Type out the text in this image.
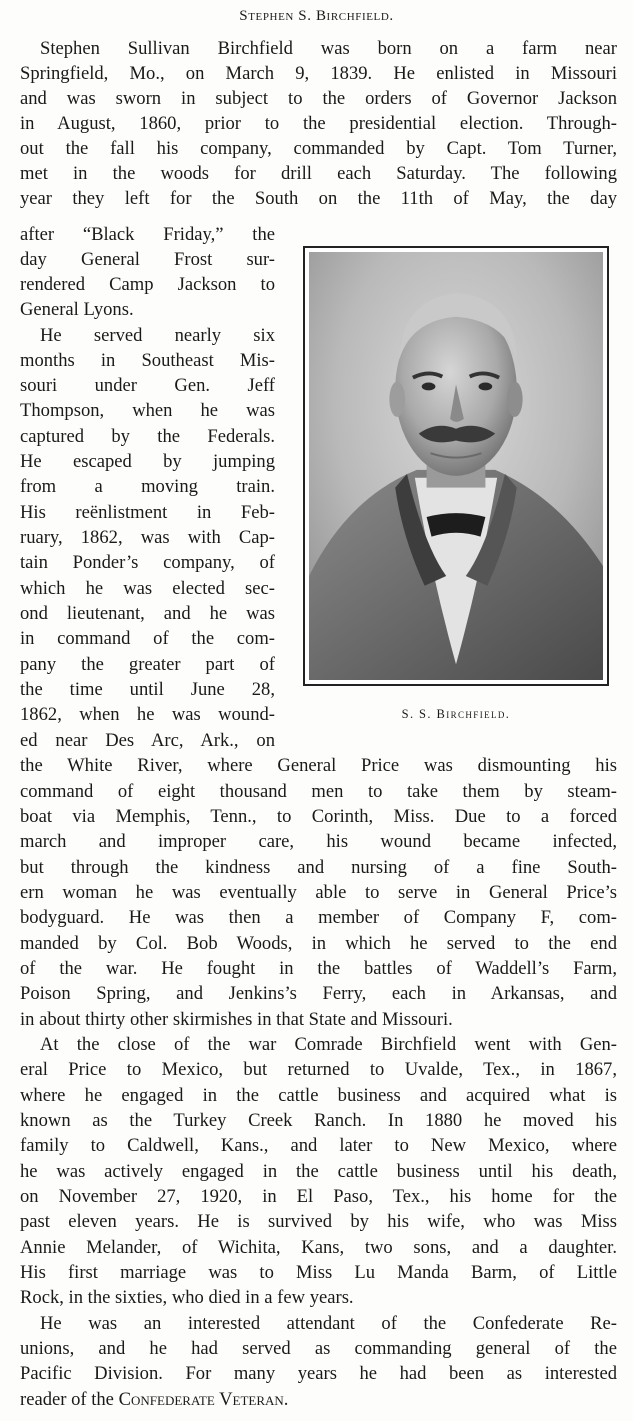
Stephen S. Birchfield.
Stephen Sullivan Birchfield was born on a farm near
Springfield, Mo., on March 9, 1839. He enlisted in Missouri
and was sworn in subject to the orders of Governor Jackson
in August, 1860, prior to the presidential election. Through-
out the fall his company, commanded by Capt. Tom Turner,
met in the woods for drill each Saturday. The following
year they left for the South on the 11th of May, the day
after “Black Friday,” the
day General Frost sur-
rendered Camp Jackson to
General Lyons.
He served nearly six
months in Southeast Mis-
souri under Gen. Jeff
Thompson, when he was
captured by the Federals.
He escaped by jumping
from a moving train.
His reënlistment in Feb-
ruary, 1862, was with Cap-
tain Ponder’s company, of
which he was elected sec-
ond lieutenant, and he was
in command of the com-
pany the greater part of
the time until June 28,
1862, when he was wound-
ed near Des Arc, Ark., on
S. S. Birchfield.
the White River, where General Price was dismounting his
command of eight thousand men to take them by steam-
boat via Memphis, Tenn., to Corinth, Miss. Due to a forced
march and improper care, his wound became infected,
but through the kindness and nursing of a fine South-
ern woman he was eventually able to serve in General Price’s
bodyguard. He was then a member of Company F, com-
manded by Col. Bob Woods, in which he served to the end
of the war. He fought in the battles of Waddell’s Farm,
Poison Spring, and Jenkins’s Ferry, each in Arkansas, and
in about thirty other skirmishes in that State and Missouri.
At the close of the war Comrade Birchfield went with Gen-
eral Price to Mexico, but returned to Uvalde, Tex., in 1867,
where he engaged in the cattle business and acquired what is
known as the Turkey Creek Ranch. In 1880 he moved his
family to Caldwell, Kans., and later to New Mexico, where
he was actively engaged in the cattle business until his death,
on November 27, 1920, in El Paso, Tex., his home for the
past eleven years. He is survived by his wife, who was Miss
Annie Melander, of Wichita, Kans, two sons, and a daughter.
His first marriage was to Miss Lu Manda Barm, of Little
Rock, in the sixties, who died in a few years.
He was an interested attendant of the Confederate Re-
unions, and he had served as commanding general of the
Pacific Division. For many years he had been as interested
reader of the Confederate Veteran.
